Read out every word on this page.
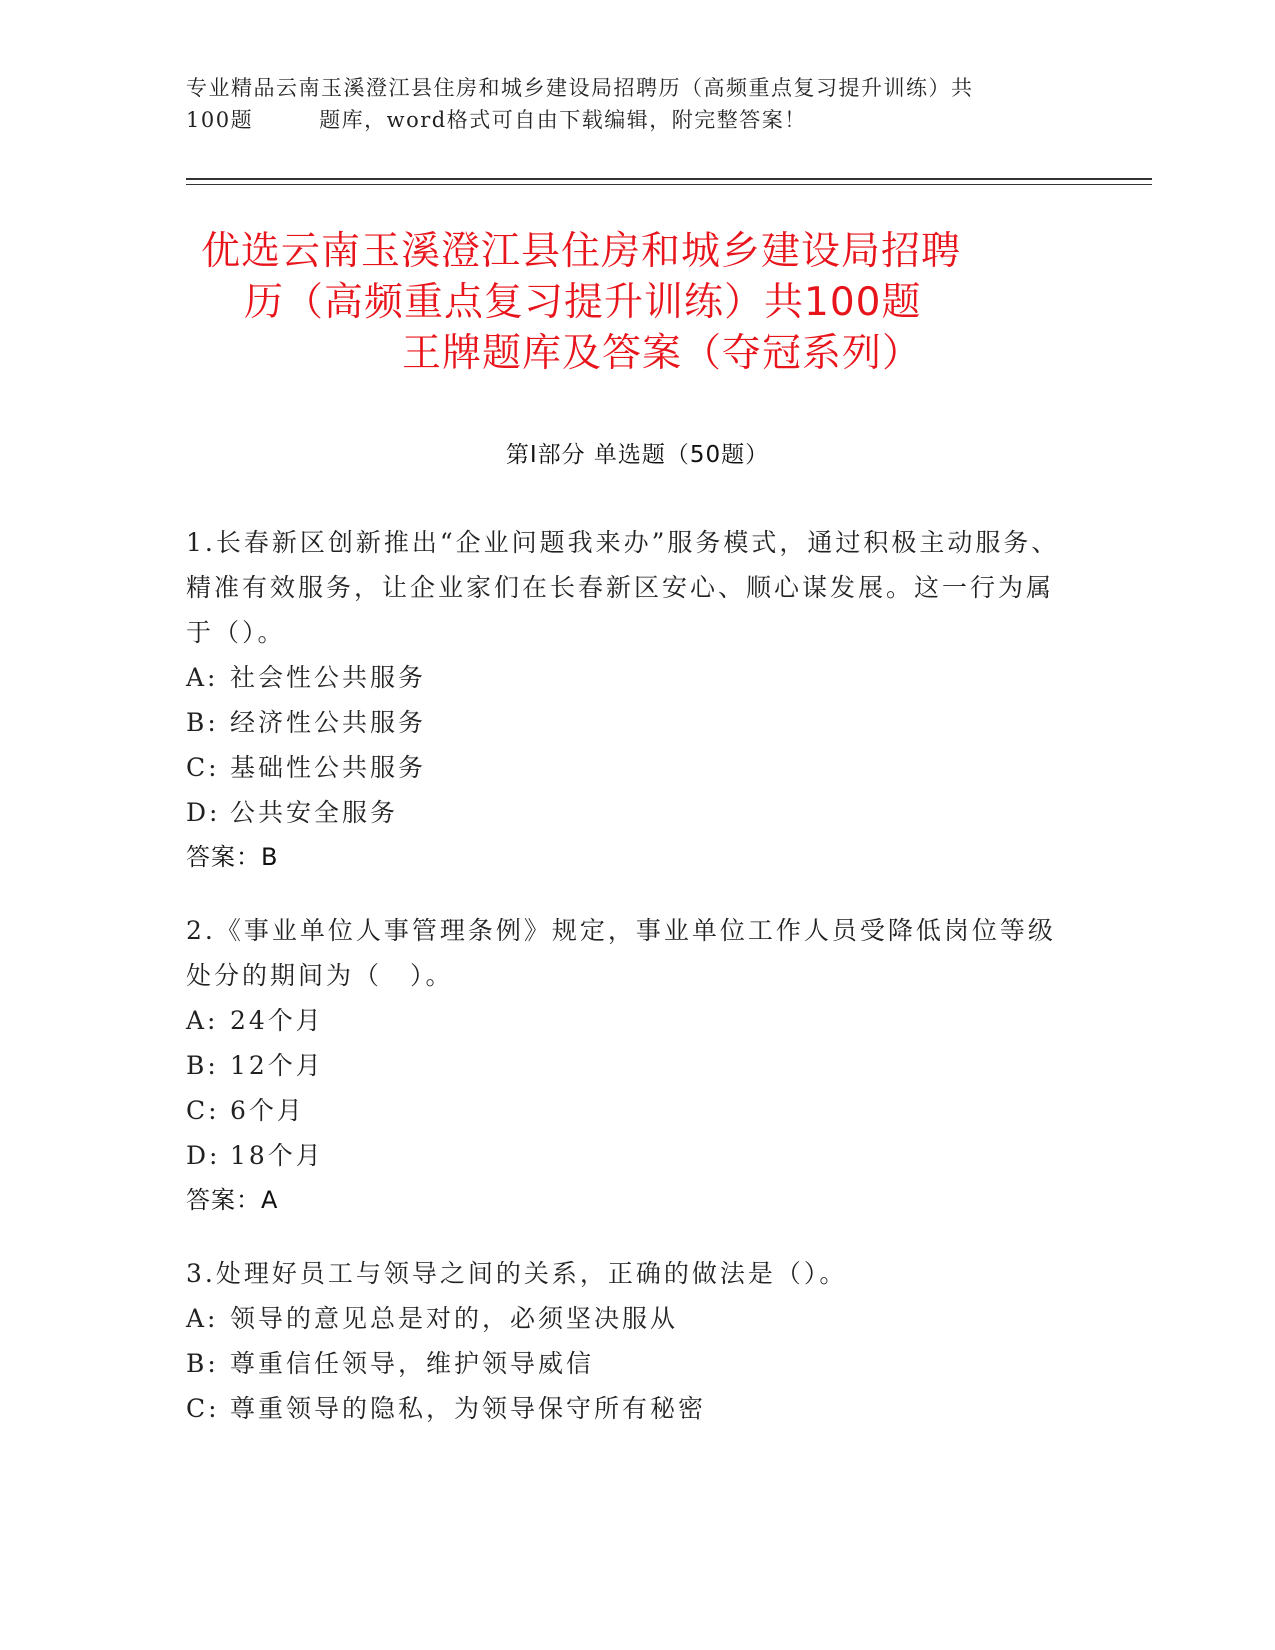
专业精品云南玉溪澄江县住房和城乡建设局招聘历（高频重点复习提升训练）共
100题	题库，word格式可自由下载编辑，附完整答案！
优选云南玉溪澄江县住房和城乡建设局招聘
历（高频重点复习提升训练）共100题
王牌题库及答案（夺冠系列）
第Ⅰ部分 单选题（50题）
1.长春新区创新推出“企业问题我来办”服务模式，通过积极主动服务、精准有效服务，让企业家们在长春新区安心、顺心谋发展。这一行为属于（）。
A: 社会性公共服务
B: 经济性公共服务
C: 基础性公共服务
D: 公共安全服务
答案：B
2.《事业单位人事管理条例》规定，事业单位工作人员受降低岗位等级处分的期间为（　）。
A: 24个月
B: 12个月
C: 6个月
D: 18个月
答案：A
3.处理好员工与领导之间的关系，正确的做法是（）。
A: 领导的意见总是对的，必须坚决服从
B: 尊重信任领导，维护领导威信
C: 尊重领导的隐私，为领导保守所有秘密
